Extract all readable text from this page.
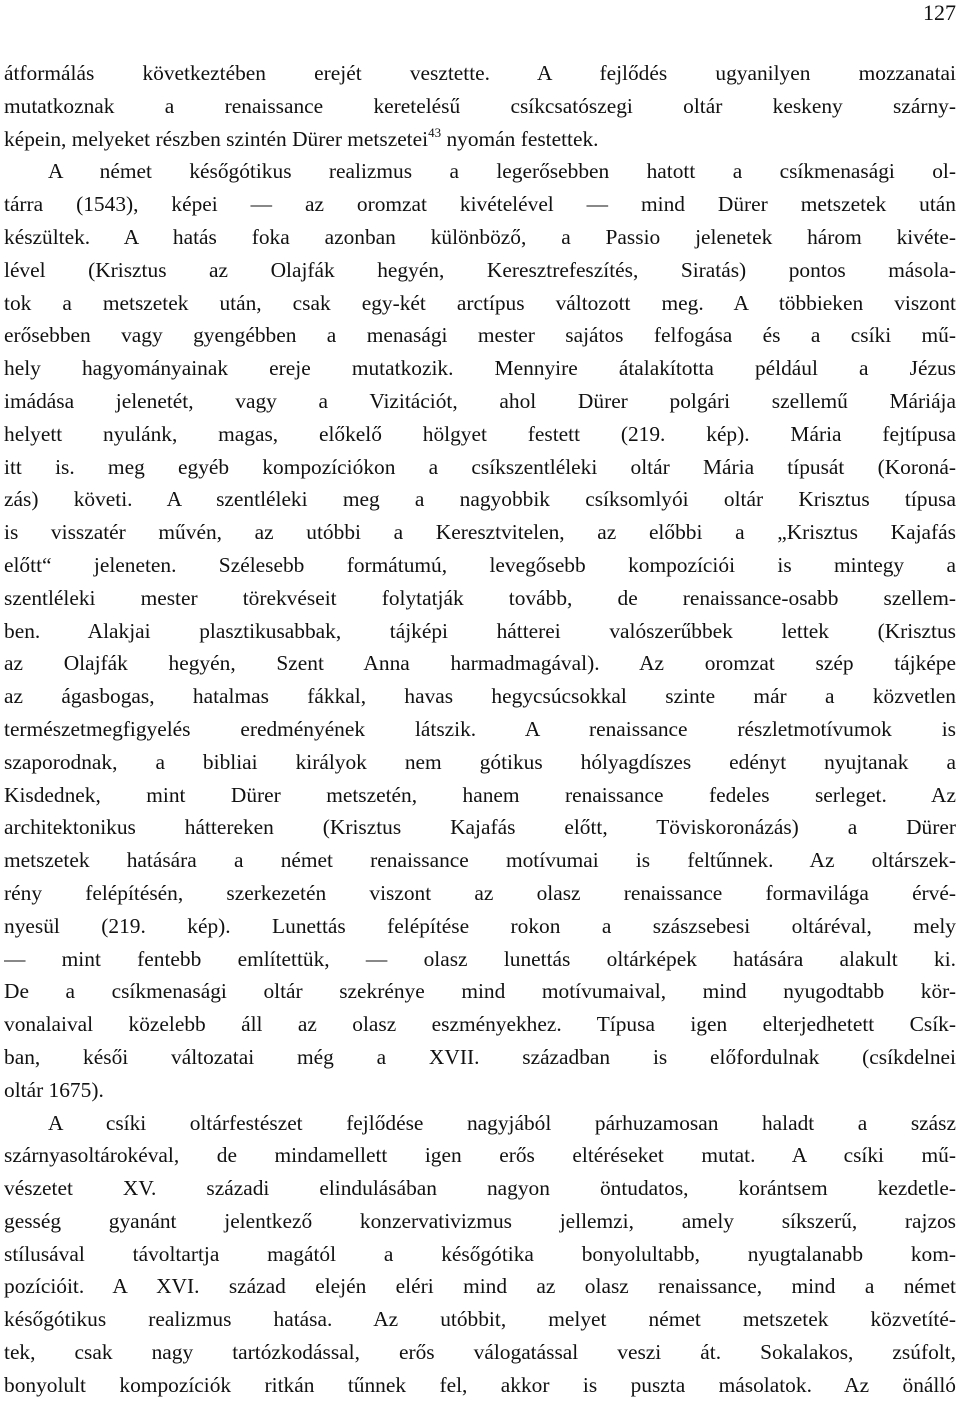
127
átformálás következtében erejét vesztette. A fejlődés ugyanilyen mozzanatai
mutatkoznak a renaissance keretelésű csíkcsatószegi oltár keskeny szárny-
képein, melyeket részben szintén Dürer metszetei$^{43}$ nyomán festettek.
A német későgótikus realizmus a legerősebben hatott a csíkmenasági ol-
tárra (1543), képei — az oromzat kivételével — mind Dürer metszetek után
készültek. A hatás foka azonban különböző, a Passio jelenetek három kivéte-
lével (Krisztus az Olajfák hegyén, Keresztrefeszítés, Siratás) pontos másola-
tok a metszetek után, csak egy-két arctípus változott meg. A többieken viszont
erősebben vagy gyengébben a menasági mester sajátos felfogása és a csíki mű-
hely hagyományainak ereje mutatkozik. Mennyire átalakította például a Jézus
imádása jelenetét, vagy a Vizitációt, ahol Dürer polgári szellemű Máriája
helyett nyulánk, magas, előkelő hölgyet festett (219. kép). Mária fejtípusa
itt is. meg egyéb kompozíciókon a csíkszentléleki oltár Mária típusát (Koroná-
zás) követi. A szentléleki meg a nagyobbik csíksomlyói oltár Krisztus típusa
is visszatér művén, az utóbbi a Keresztvitelen, az előbbi a „Krisztus Kajafás
előtt“ jeleneten. Szélesebb formátumú, levegősebb kompozíciói is mintegy a
szentléleki mester törekvéseit folytatják tovább, de renaissance-osabb szellem-
ben. Alakjai plasztikusabbak, tájképi hátterei valószerűbbek lettek (Krisztus
az Olajfák hegyén, Szent Anna harmadmagával). Az oromzat szép tájképe
az ágasbogas, hatalmas fákkal, havas hegycsúcsokkal szinte már a közvetlen
természetmegfigyelés eredményének látszik. A renaissance részletmotívumok is
szaporodnak, a bibliai királyok nem gótikus hólyagdíszes edényt nyujtanak a
Kisdednek, mint Dürer metszetén, hanem renaissance fedeles serleget. Az
architektonikus háttereken (Krisztus Kajafás előtt, Töviskoronázás) a Dürer
metszetek hatására a német renaissance motívumai is feltűnnek. Az oltárszek-
rény felépítésén, szerkezetén viszont az olasz renaissance formavilága érvé-
nyesül (219. kép). Lunettás felépítése rokon a szászsebesi oltáréval, mely
— mint fentebb említettük, — olasz lunettás oltárképek hatására alakult ki.
De a csíkmenasági oltár szekrénye mind motívumaival, mind nyugodtabb kör-
vonalaival közelebb áll az olasz eszményekhez. Típusa igen elterjedhetett Csík-
ban, késői változatai még a XVII. században is előfordulnak (csíkdelnei
oltár 1675).
A csíki oltárfestészet fejlődése nagyjából párhuzamosan haladt a szász
szárnyasoltárokéval, de mindamellett igen erős eltéréseket mutat. A csíki mű-
vészetet XV. századi elindulásában nagyon öntudatos, korántsem kezdetle-
gesség gyanánt jelentkező konzervativizmus jellemzi, amely síkszerű, rajzos
stílusával távoltartja magától a későgótika bonyolultabb, nyugtalanabb kom-
pozícióit. A XVI. század elején eléri mind az olasz renaissance, mind a német
későgótikus realizmus hatása. Az utóbbit, melyet német metszetek közvetíté-
tek, csak nagy tartózkodással, erős válogatással veszi át. Sokalakos, zsúfolt,
bonyolult kompozíciók ritkán tűnnek fel, akkor is puszta másolatok. Az önálló
